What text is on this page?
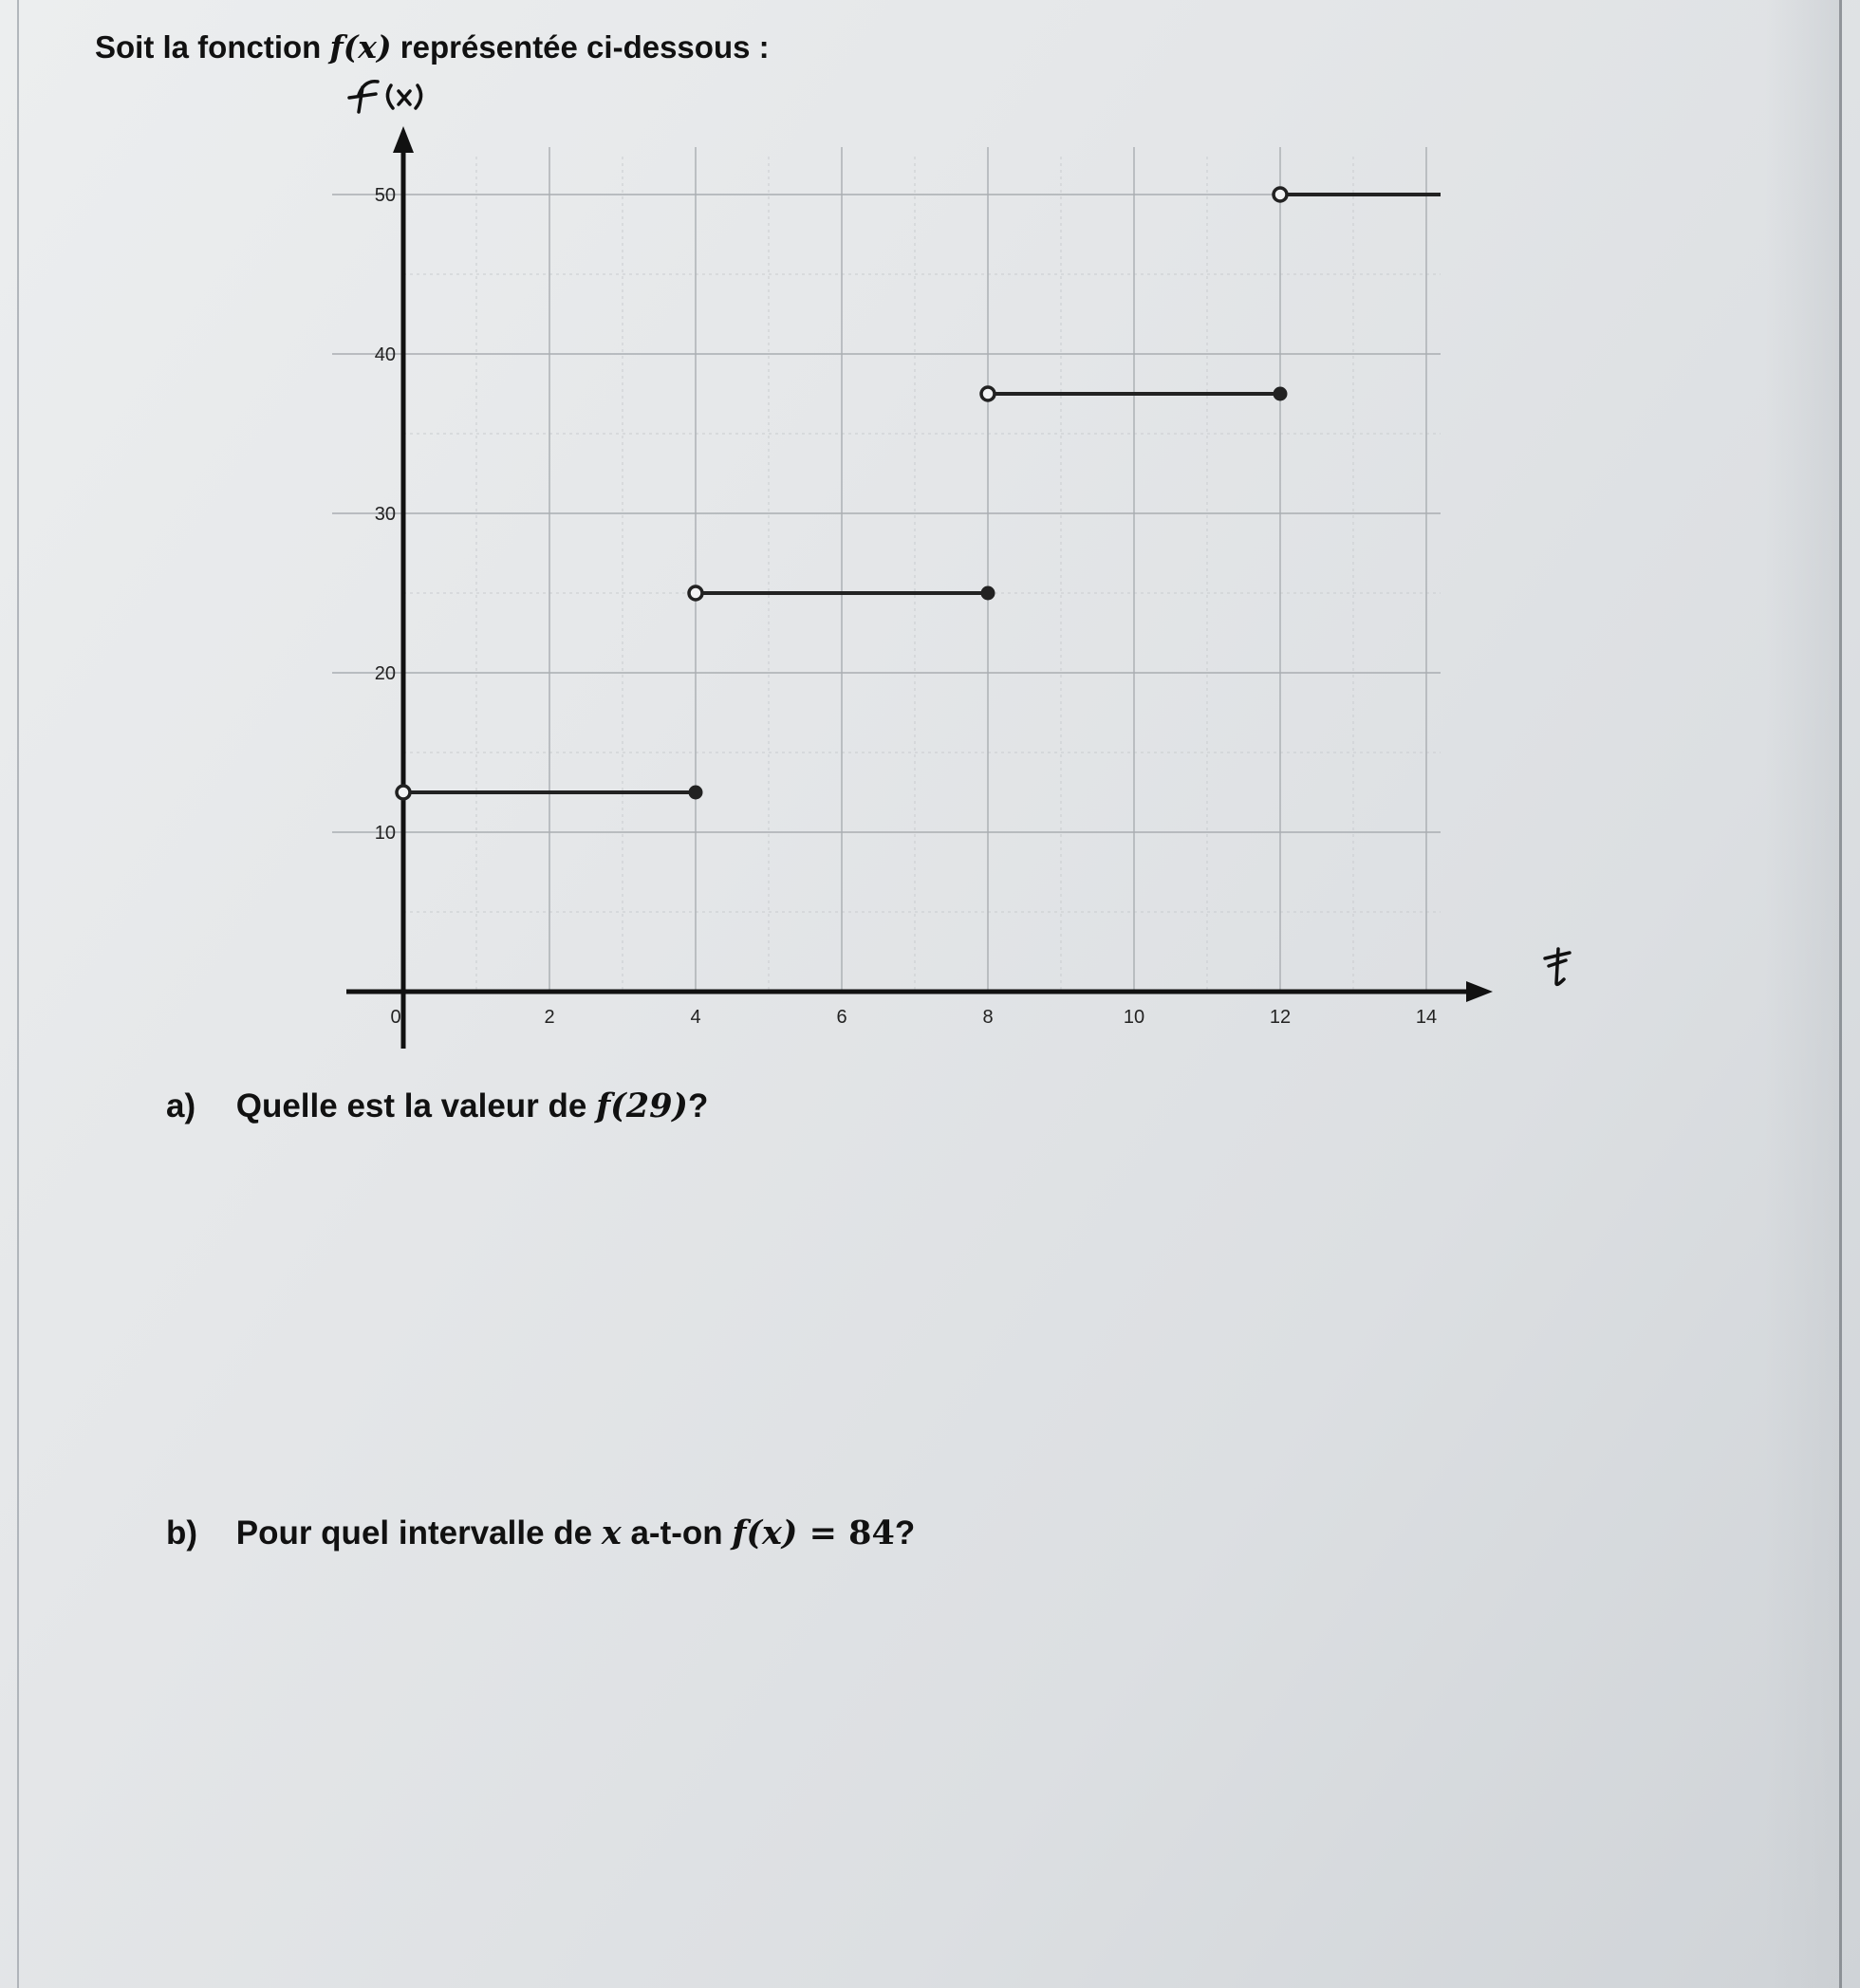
Soit la fonction f(x) représentée ci-dessous :
0	2	4	6	8	10	12	14
10
20
30
40
50
a) Quelle est la valeur de f(29)?
b) Pour quel intervalle de x a-t-on f(x) = 84?
